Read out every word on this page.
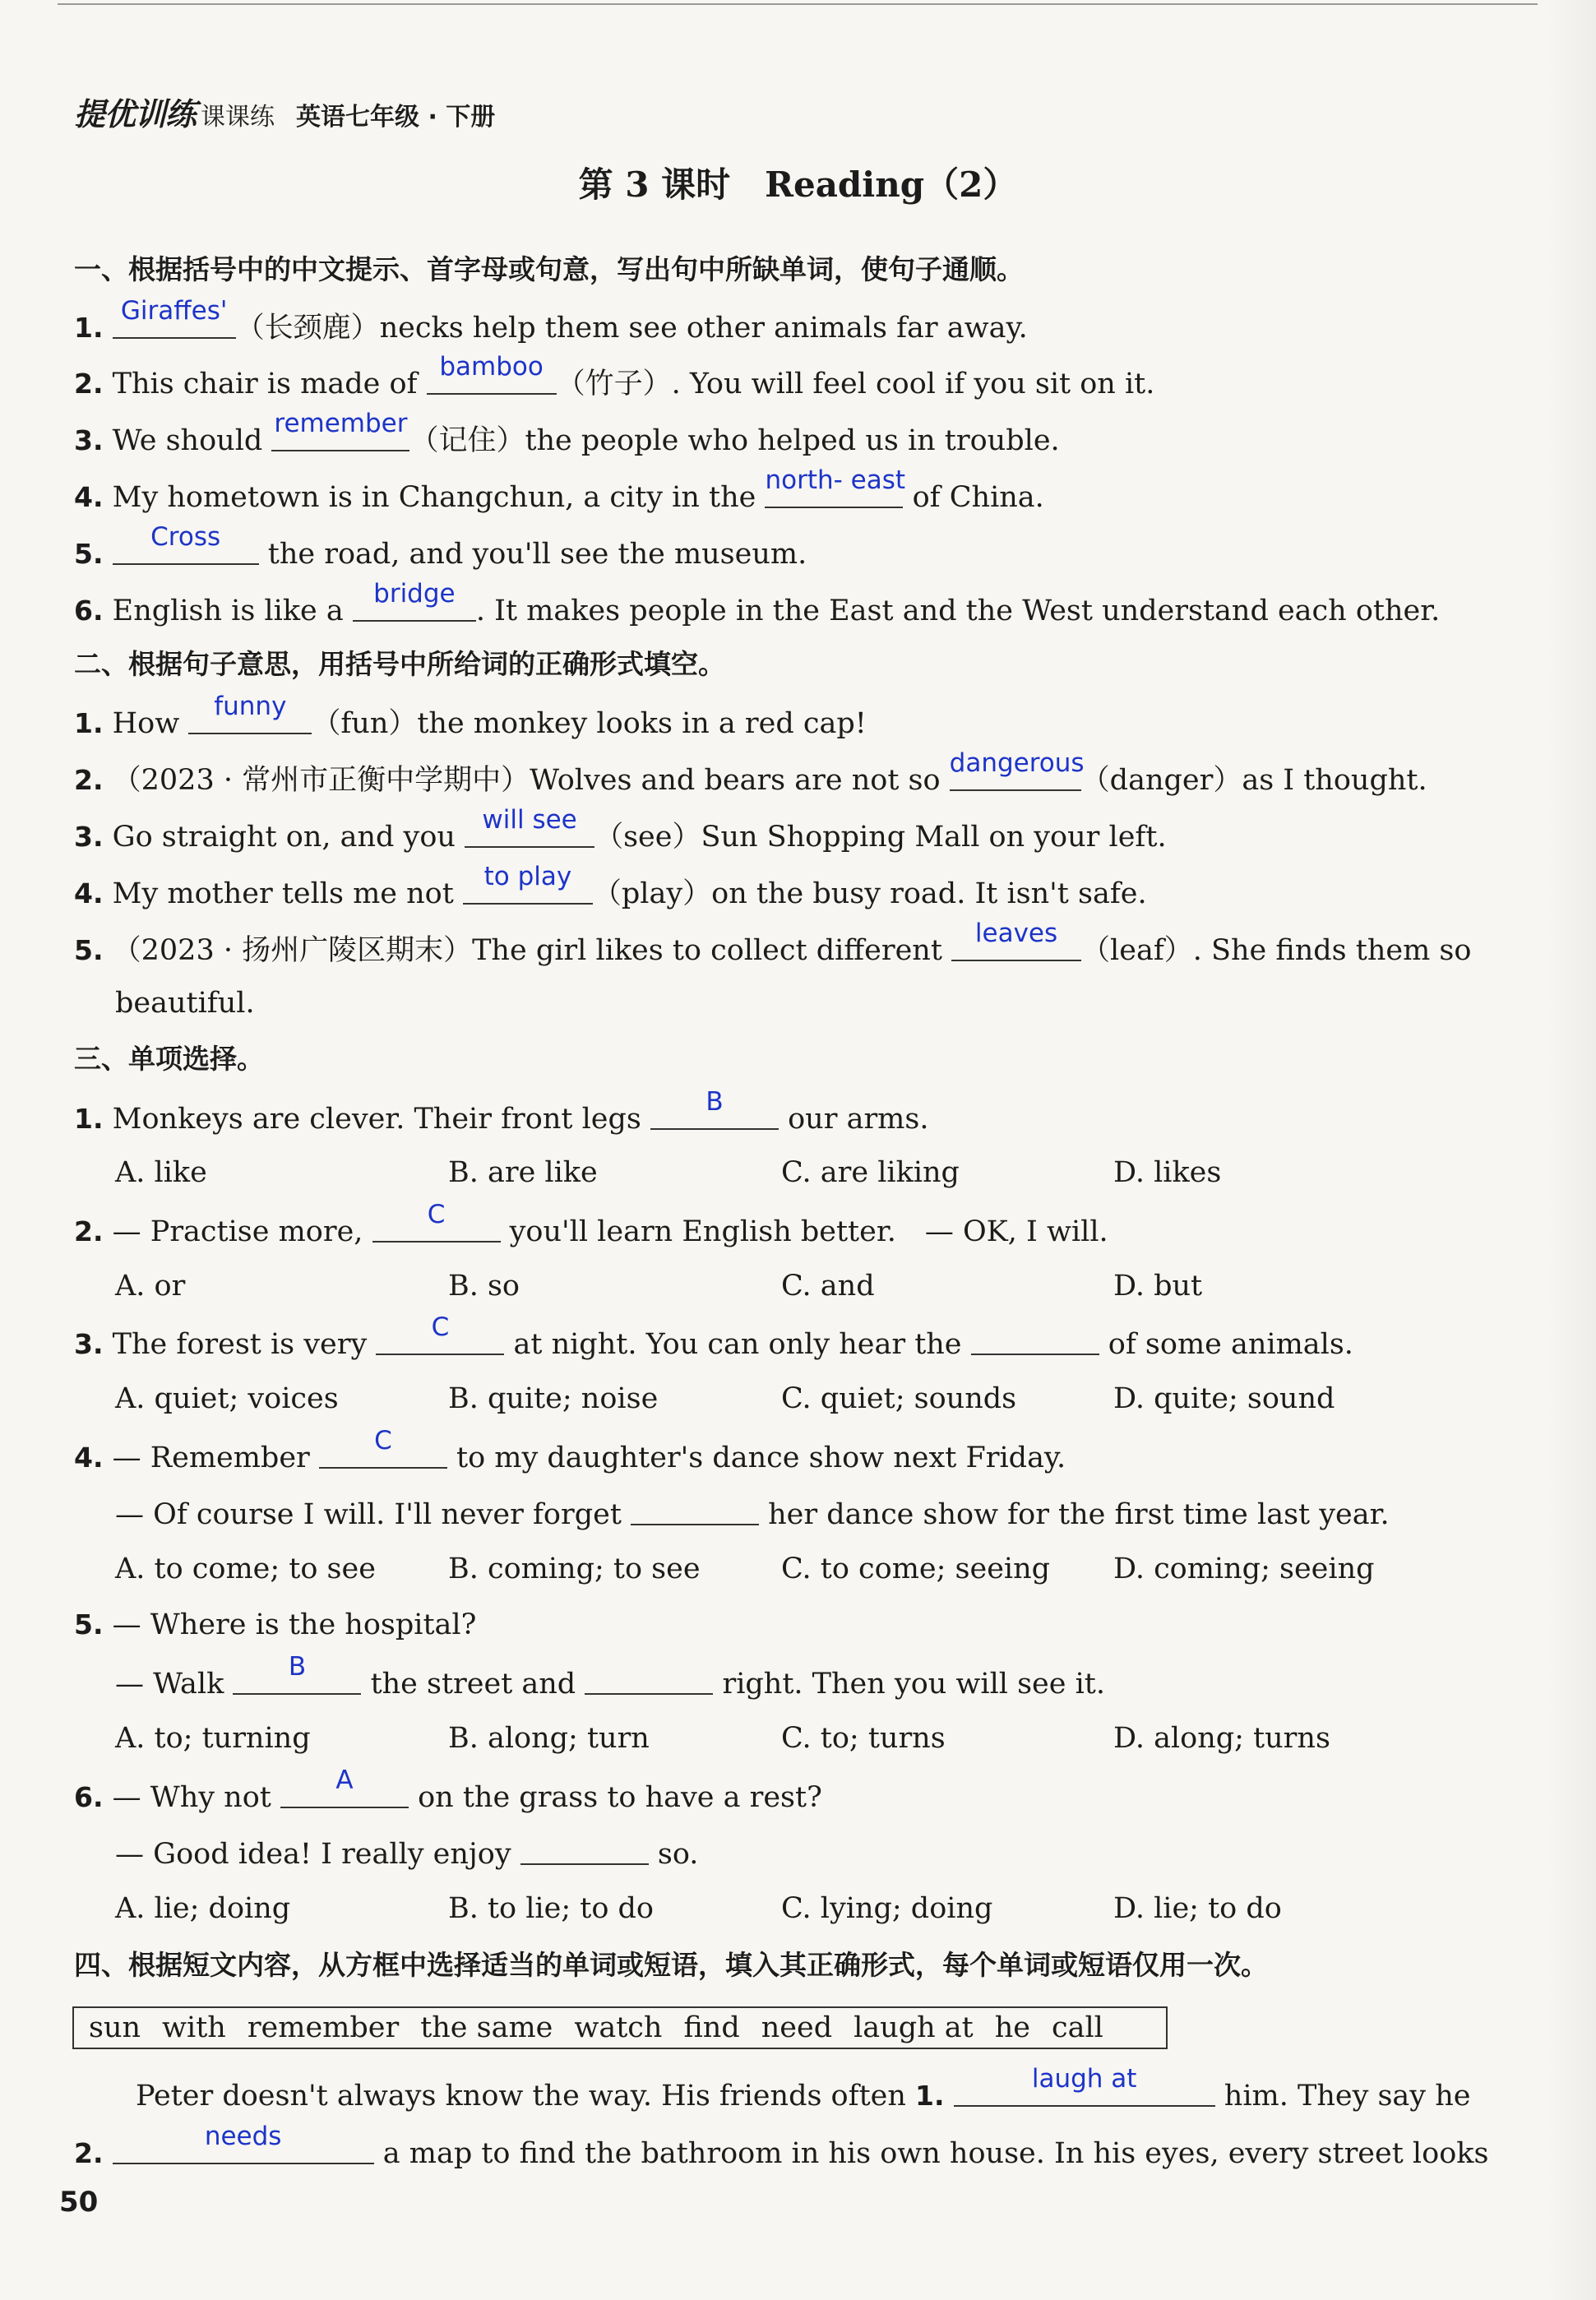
提优训练 课课练 英语七年级 · 下册
第 3 课时　Reading（2）
一、根据括号中的中文提示、首字母或句意，写出句中所缺单词，使句子通顺。
1.
Giraffes'
（长颈鹿）necks help them see other animals far away.
2. This chair is made of
bamboo
（竹子）. You will feel cool if you sit on it.
3. We should
remember
（记住）the people who helped us in trouble.
4. My hometown is in Changchun, a city in the
north- east
of China.
5.
Cross
the road, and you'll see the museum.
6. English is like a
bridge
. It makes people in the East and the West understand each other.
二、根据句子意思，用括号中所给词的正确形式填空。
1. How
funny
（fun）the monkey looks in a red cap!
2. （2023 · 常州市正衡中学期中）Wolves and bears are not so
dangerous
（danger）as I thought.
3. Go straight on, and you
will see
（see）Sun Shopping Mall on your left.
4. My mother tells me not
to play
（play）on the busy road. It isn't safe.
5. （2023 · 扬州广陵区期末）The girl likes to collect different
leaves
（leaf）. She finds them so
beautiful.
三、单项选择。
1. Monkeys are clever. Their front legs
B
our arms.
A. like	B. are like	C. are liking	D. likes
2. — Practise more,
C
you'll learn English better.　— OK, I will.
A. or	B. so	C. and	D. but
3. The forest is very
C
at night. You can only hear the	of some animals.
A. quiet; voices	B. quite; noise	C. quiet; sounds	D. quite; sound
4. — Remember
C
to my daughter's dance show next Friday.
— Of course I will. I'll never forget	her dance show for the first time last year.
A. to come; to see	B. coming; to see	C. to come; seeing D. coming; seeing
5. — Where is the hospital?
— Walk
B
the street and	right. Then you will see it.
A. to; turning	B. along; turn	C. to; turns	D. along; turns
6. — Why not
A
on the grass to have a rest?
— Good idea! I really enjoy	so.
A. lie; doing	B. to lie; to do	C. lying; doing	D. lie; to do
四、根据短文内容，从方框中选择适当的单词或短语，填入其正确形式，每个单词或短语仅用一次。
sun with remember the same watch find need laugh at he call
Peter doesn't always know the way. His friends often 1.
laugh at
him. They say he
2.
needs
a map to find the bathroom in his own house. In his eyes, every street looks
50
